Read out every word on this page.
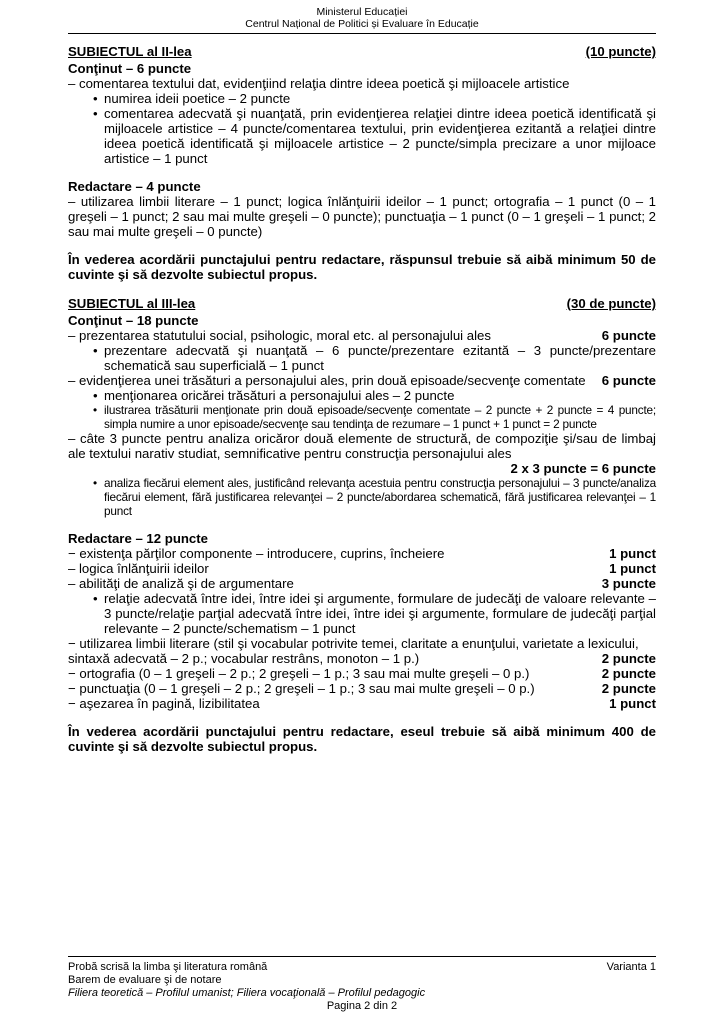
Ministerul Educației
Centrul Național de Politici și Evaluare în Educație
SUBIECTUL al II-lea	(10 puncte)
Conţinut – 6 puncte
– comentarea textului dat, evidenţiind relaţia dintre ideea poetică şi mijloacele artistice
• numirea ideii poetice – 2 puncte
• comentarea adecvată şi nuanţată, prin evidenţierea relaţiei dintre ideea poetică identificată şi mijloacele artistice – 4 puncte/comentarea textului, prin evidenţierea ezitantă a relaţiei dintre ideea poetică identificată şi mijloacele artistice – 2 puncte/simpla precizare a unor mijloace artistice – 1 punct
Redactare – 4 puncte
– utilizarea limbii literare – 1 punct; logica înlănţuirii ideilor – 1 punct; ortografia – 1 punct (0 – 1 greşeli – 1 punct; 2 sau mai multe greşeli – 0 puncte); punctuaţia – 1 punct (0 – 1 greşeli – 1 punct; 2 sau mai multe greşeli – 0 puncte)
În vederea acordării punctajului pentru redactare, răspunsul trebuie să aibă minimum 50 de cuvinte şi să dezvolte subiectul propus.
SUBIECTUL al III-lea	(30 de puncte)
Conţinut – 18 puncte
– prezentarea statutului social, psihologic, moral etc. al personajului ales	6 puncte
• prezentare adecvată şi nuanţată – 6 puncte/prezentare ezitantă – 3 puncte/prezentare schematică sau superficială – 1 punct
– evidenţierea unei trăsături a personajului ales, prin două episoade/secvenţe comentate	6 puncte
• menţionarea oricărei trăsături a personajului ales – 2 puncte
• ilustrarea trăsăturii menţionate prin două episoade/secvenţe comentate – 2 puncte + 2 puncte = 4 puncte; simpla numire a unor episoade/secvenţe sau tendinţa de rezumare – 1 punct + 1 punct = 2 puncte
– câte 3 puncte pentru analiza oricăror două elemente de structură, de compoziţie şi/sau de limbaj ale textului narativ studiat, semnificative pentru construcţia personajului ales
2 x 3 puncte = 6 puncte
• analiza fiecărui element ales, justificând relevanţa acestuia pentru construcţia personajului – 3 puncte/analiza fiecărui element, fără justificarea relevanţei – 2 puncte/abordarea schematică, fără justificarea relevanţei – 1 punct
Redactare – 12 puncte
− existenţa părţilor componente – introducere, cuprins, încheiere	1 punct
– logica înlănţuirii ideilor	1 punct
– abilităţi de analiză şi de argumentare	3 puncte
• relaţie adecvată între idei, între idei şi argumente, formulare de judecăţi de valoare relevante – 3 puncte/relaţie parţial adecvată între idei, între idei şi argumente, formulare de judecăţi parţial relevante – 2 puncte/schematism – 1 punct
− utilizarea limbii literare (stil şi vocabular potrivite temei, claritate a enunţului, varietate a lexicului,
sintaxă adecvată – 2 p.; vocabular restrâns, monoton – 1 p.)	2 puncte
− ortografia (0 – 1 greşeli – 2 p.; 2 greşeli – 1 p.; 3 sau mai multe greşeli – 0 p.)	2 puncte
− punctuaţia (0 – 1 greşeli – 2 p.; 2 greşeli – 1 p.; 3 sau mai multe greşeli – 0 p.)	2 puncte
− aşezarea în pagină, lizibilitatea	1 punct
În vederea acordării punctajului pentru redactare, eseul trebuie să aibă minimum 400 de cuvinte şi să dezvolte subiectul propus.
Probă scrisă la limba şi literatura română	Varianta 1
Barem de evaluare şi de notare
Filiera teoretică – Profilul umanist; Filiera vocaţională – Profilul pedagogic
Pagina 2 din 2
